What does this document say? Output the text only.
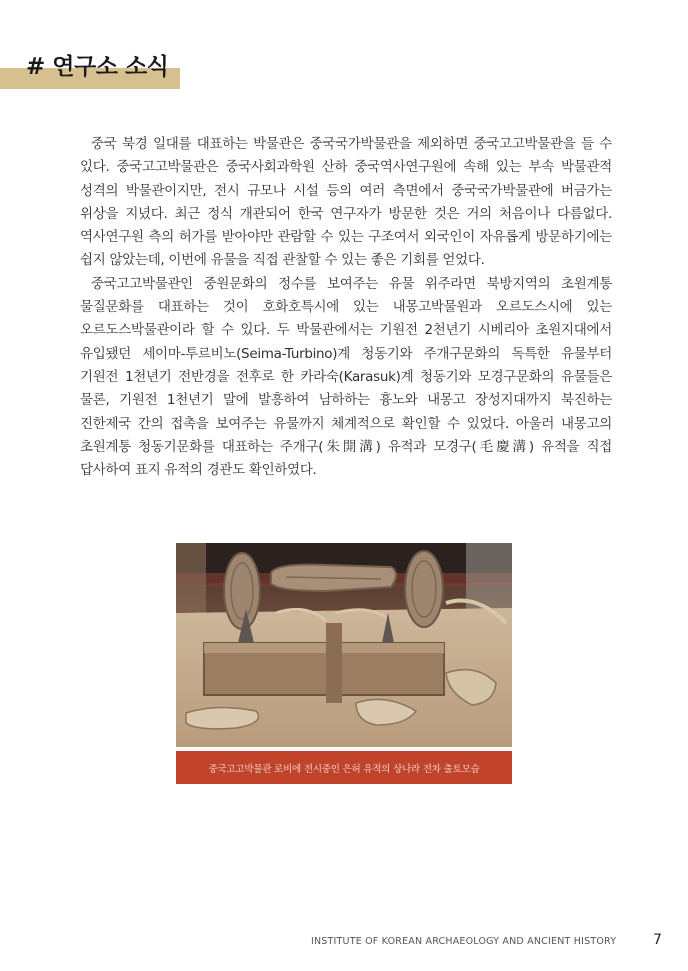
# 연구소 소식

중국 북경 일대를 대표하는 박물관은 중국국가박물관을 제외하면 중국고고박물관을 들 수 있다. 중국고고박물관은 중국사회과학원 산하 중국역사연구원에 속해 있는 부속 박물관적 성격의 박물관이지만, 전시 규모나 시설 등의 여러 측면에서 중국국가박물관에 버금가는 위상을 지녔다. 최근 정식 개관되어 한국 연구자가 방문한 것은 거의 처음이나 다름없다. 역사연구원 측의 허가를 받아야만 관람할 수 있는 구조여서 외국인이 자유롭게 방문하기에는 쉽지 않았는데, 이번에 유물을 직접 관찰할 수 있는 좋은 기회를 얻었다.

중국고고박물관인 중원문화의 정수를 보여주는 유물 위주라면 북방지역의 초원계통 물질문화를 대표하는 것이 호화호특시에 있는 내몽고박물원과 오르도스시에 있는 오르도스박물관이라 할 수 있다. 두 박물관에서는 기원전 2천년기 시베리아 초원지대에서 유입됐던 세이마-투르비노(Seima-Turbino)계 청동기와 주개구문화의 독특한 유물부터 기원전 1천년기 전반경을 전후로 한 카라숙(Karasuk)계 청동기와 모경구문화의 유물들은 물론, 기원전 1천년기 말에 발흥하여 남하하는 흉노와 내몽고 장성지대까지 북진하는 진한제국 간의 접촉을 보여주는 유물까지 체계적으로 확인할 수 있었다. 아울러 내몽고의 초원계통 청동기문화를 대표하는 주개구(朱開溝) 유적과 모경구(毛慶溝) 유적을 직접 답사하여 표지 유적의 경관도 확인하였다.

중국고고박물관 로비에 전시중인 은허 유적의 상나라 전차 출토모습
INSTITUTE OF KOREAN ARCHAEOLOGY AND ANCIENT HISTORY	7
